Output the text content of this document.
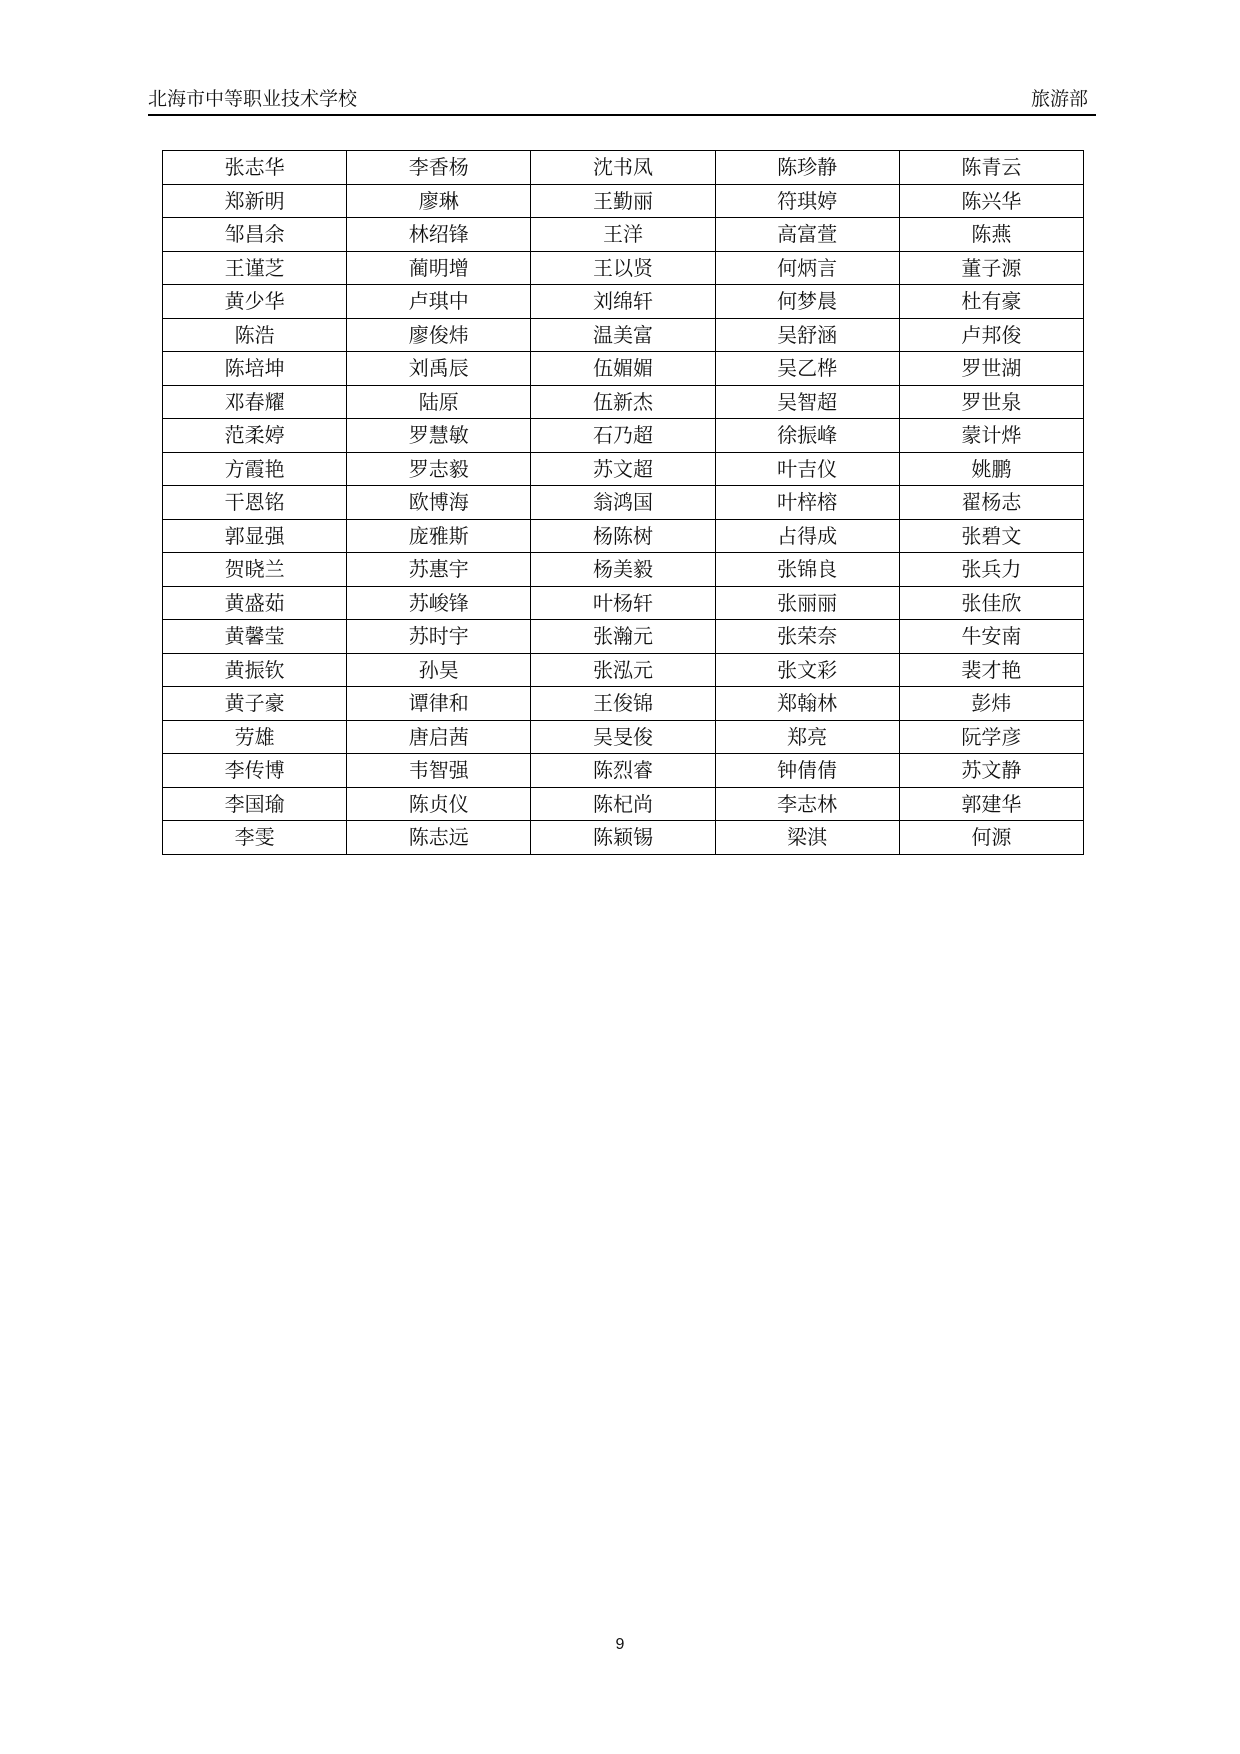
北海市中等职业技术学校	旅游部
张志华	李香杨	沈书凤	陈珍静	陈青云
郑新明	廖琳	王勤丽	符琪婷	陈兴华
邹昌余	林绍锋	王洋	高富萱	陈燕
王谨芝	蔺明增	王以贤	何炳言	董子源
黄少华	卢琪中	刘绵轩	何梦晨	杜有豪
陈浩	廖俊炜	温美富	吴舒涵	卢邦俊
陈培坤	刘禹辰	伍媚媚	吴乙桦	罗世湖
邓春耀	陆原	伍新杰	吴智超	罗世泉
范柔婷	罗慧敏	石乃超	徐振峰	蒙计烨
方霞艳	罗志毅	苏文超	叶吉仪	姚鹏
干恩铭	欧博海	翁鸿国	叶梓榕	翟杨志
郭显强	庞雅斯	杨陈树	占得成	张碧文
贺晓兰	苏惠宇	杨美毅	张锦良	张兵力
黄盛茹	苏峻锋	叶杨轩	张丽丽	张佳欣
黄馨莹	苏时宇	张瀚元	张荣奈	牛安南
黄振钦	孙昊	张泓元	张文彩	裴才艳
黄子豪	谭律和	王俊锦	郑翰林	彭炜
劳雄	唐启茜	吴旻俊	郑亮	阮学彦
李传博	韦智强	陈烈睿	钟倩倩	苏文静
李国瑜	陈贞仪	陈杞尚	李志林	郭建华
李雯	陈志远	陈颖锡	梁淇	何源
9
